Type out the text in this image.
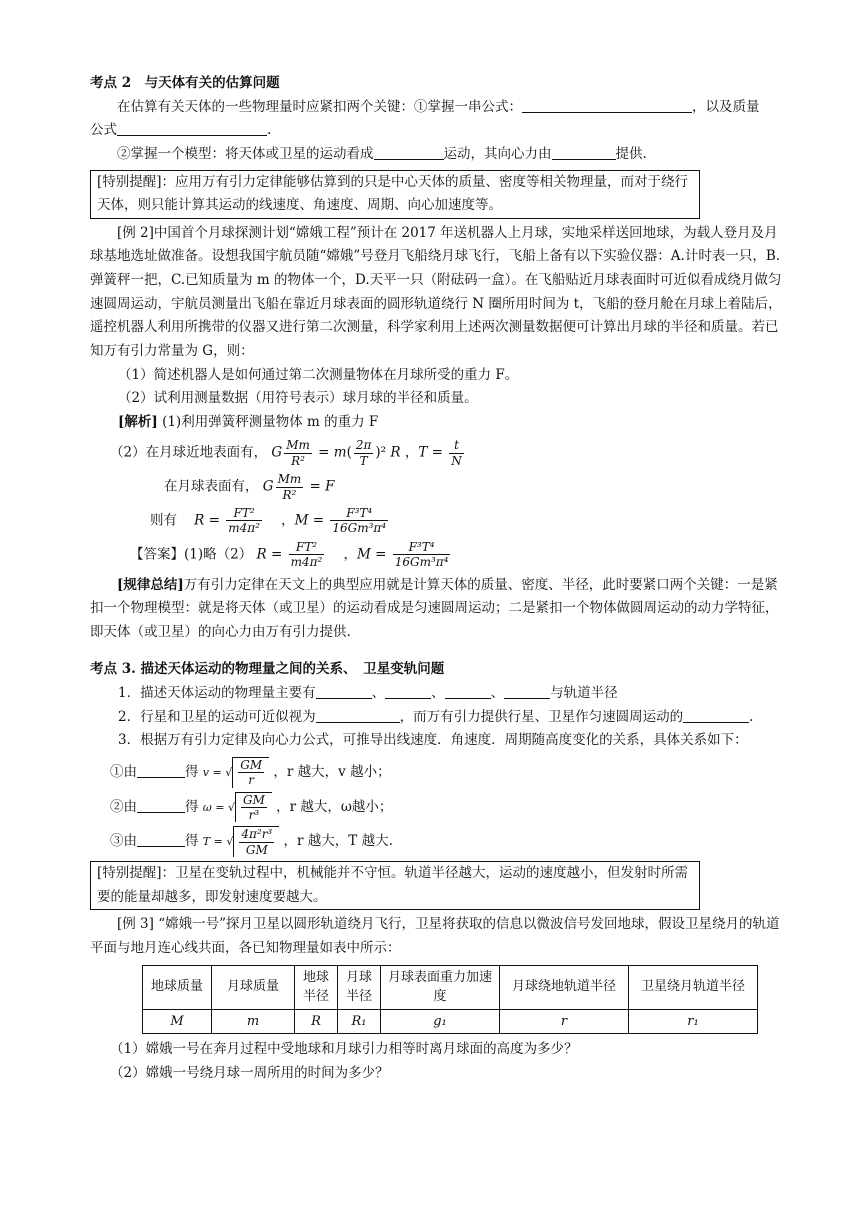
考点 2　与天体有关的估算问题
在估算有关天体的一些物理量时应紧扣两个关键：①掌握一串公式：	，以及质量
公式	.
②掌握一个模型：将天体或卫星的运动看成	运动，其向心力由	提供.
[特别提醒]：应用万有引力定律能够估算到的只是中心天体的质量、密度等相关物理量，而对于绕行天体，则只能计算其运动的线速度、角速度、周期、向心加速度等。
[例 2]中国首个月球探测计划“嫦娥工程”预计在 2017 年送机器人上月球，实地采样送回地球，为载人登月及月球基地选址做准备。设想我国宇航员随“嫦娥”号登月飞船绕月球飞行，飞船上备有以下实验仪器：A.计时表一只，B.弹簧秤一把，C.已知质量为 m 的物体一个，D.天平一只（附砝码一盒）。在飞船贴近月球表面时可近似看成绕月做匀速圆周运动，宇航员测量出飞船在靠近月球表面的圆形轨道绕行 N 圈所用时间为 t，飞船的登月舱在月球上着陆后，遥控机器人利用所携带的仪器又进行第二次测量，科学家利用上述两次测量数据便可计算出月球的半径和质量。若已知万有引力常量为 G，则：
（1）简述机器人是如何通过第二次测量物体在月球所受的重力 F。
（2）试利用测量数据（用符号表示）球月球的半径和质量。
[解析] (1)利用弹簧秤测量物体 m 的重力 F
（2）在月球近地表面有， G $\frac{Mm}{\text{R²}} = m( \frac{2\pi}{T} )^2$ R ，$T = \frac{t}{N}$
在月球表面有， G $\frac{Mm}{\text{R²}} = F$
则有 $R = \frac{\text{FT²}}{\text{m4π²}}$ ，$M = \frac{\text{F³T⁴}}{\text{16Gm³π⁴}}$
【答案】(1)略（2） $R = \frac{\text{FT²}}{\text{m4π²}}$ ，$M = \frac{\text{F³T⁴}}{\text{16Gm³π⁴}}$
[规律总结]万有引力定律在天文上的典型应用就是计算天体的质量、密度、半径，此时要紧口两个关键：一是紧扣一个物理模型：就是将天体（或卫星）的运动看成是匀速圆周运动；二是紧扣一个物体做圆周运动的动力学特征，即天体（或卫星）的向心力由万有引力提供.
考点 3. 描述天体运动的物理量之间的关系、　卫星变轨问题
1．描述天体运动的物理量主要有	、	、	、	与轨道半径
2．行星和卫星的运动可近似视为	，而万有引力提供行星、卫星作匀速圆周运动的	.
3．根据万有引力定律及向心力公式，可推导出线速度．角速度．周期随高度变化的关系，具体关系如下：
①由	得 v = √ $\frac{GM}{r}$ ，r 越大，v 越小；
②由	得 ω = √ $\frac{GM}{\text{r³}}$ ，r 越大，ω越小；
③由	得 T = √ $\frac{\text{4π²r³}}{GM}$ ，r 越大，T 越大.
[特别提醒]：卫星在变轨过程中，机械能并不守恒。轨道半径越大，运动的速度越小，但发射时所需要的能量却越多，即发射速度要越大。
[例 3] “嫦娥一号”探月卫星以圆形轨道绕月飞行，卫星将获取的信息以微波信号发回地球，假设卫星绕月的轨道平面与地月连心线共面，各已知物理量如表中所示：
地球质量	月球质量	地球半径	月球半径	月球表面重力加速度	月球绕地轨道半径	卫星绕月轨道半径
M	m	R	R₁	g₁	r	r₁
（1）嫦娥一号在奔月过程中受地球和月球引力相等时离月球面的高度为多少？
（2）嫦娥一号绕月球一周所用的时间为多少？
